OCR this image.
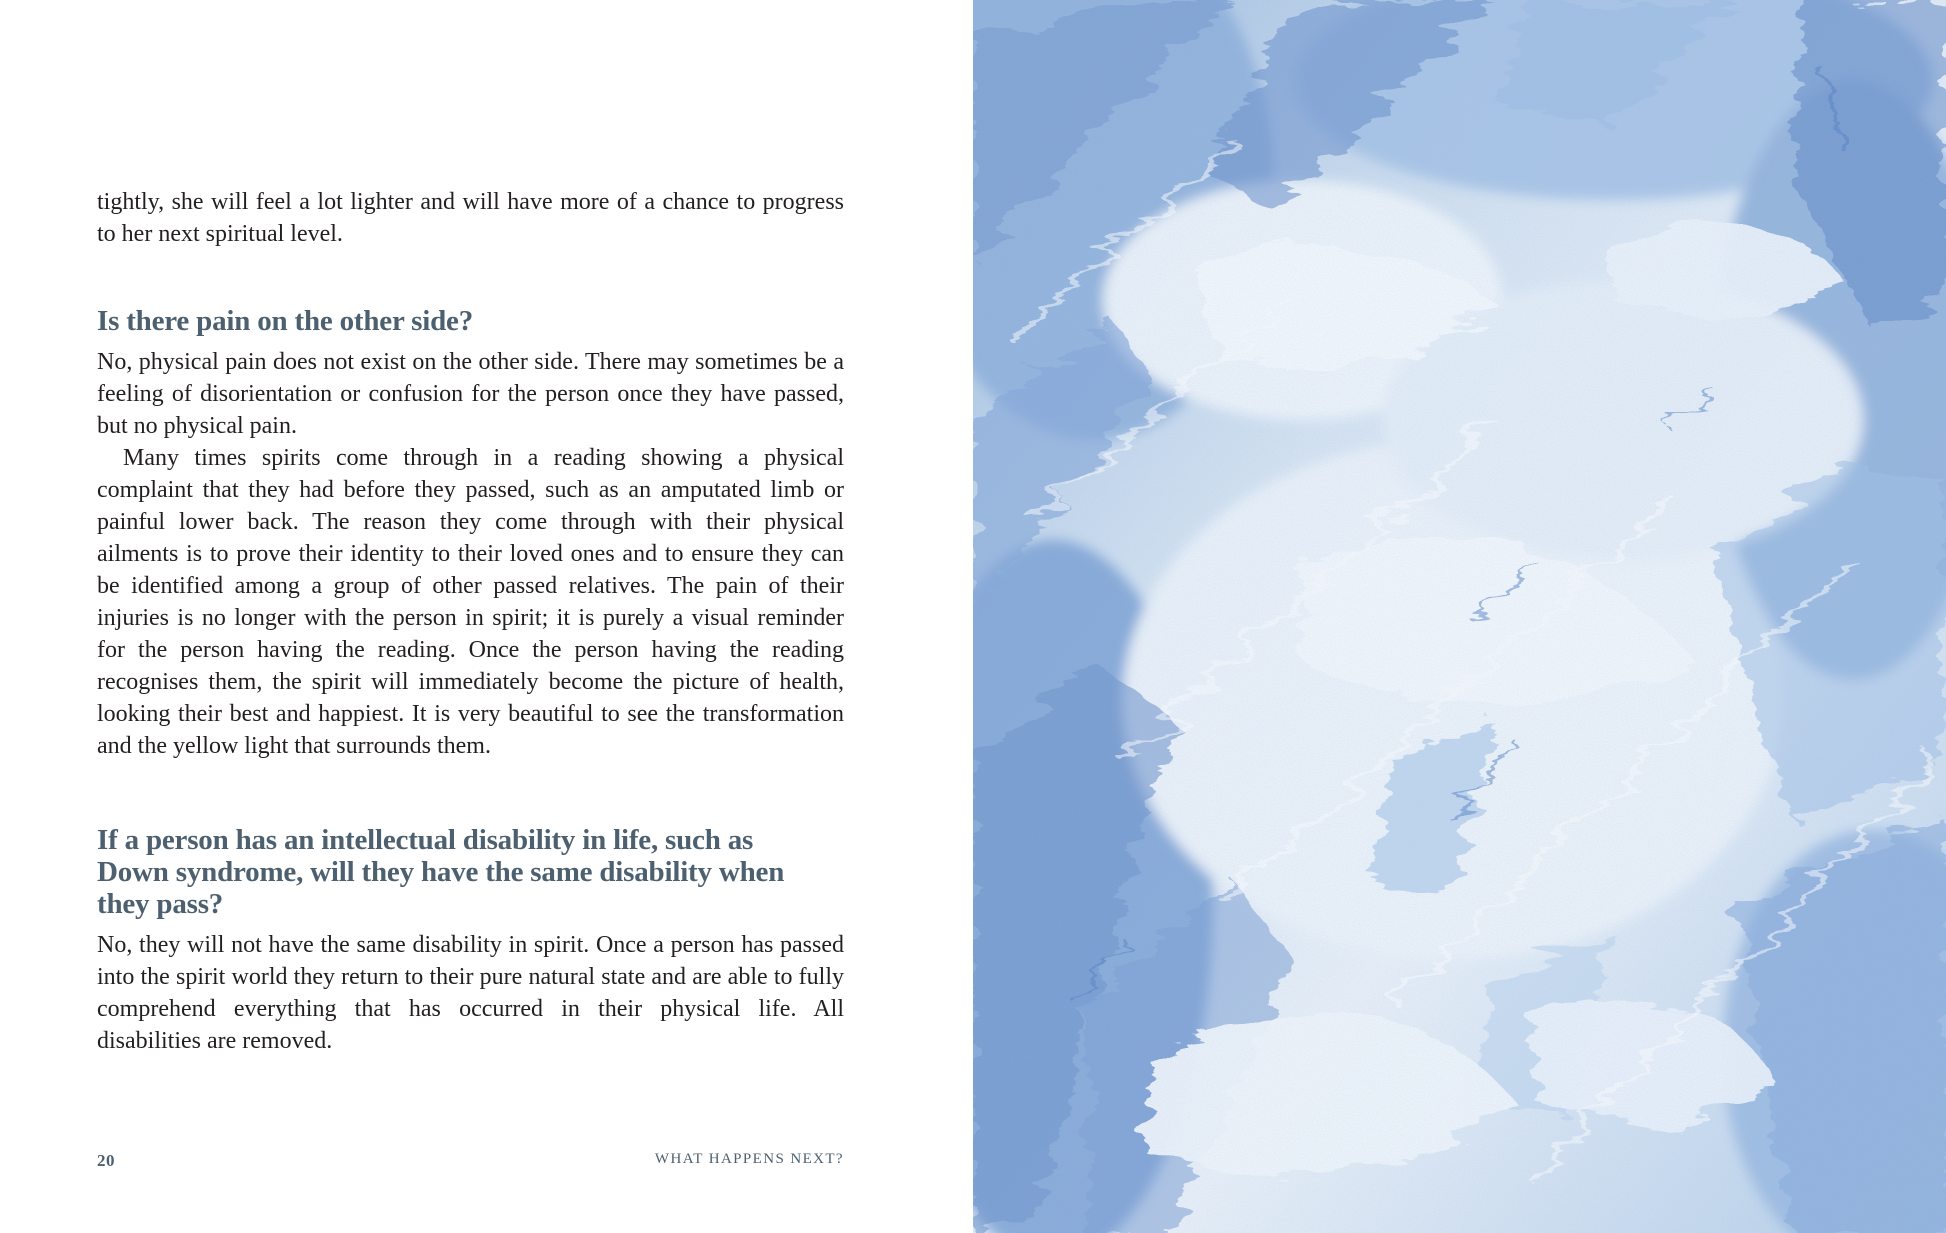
tightly, she will feel a lot lighter and will have more of a chance to progress to her next spiritual level.

Is there pain on the other side?

No, physical pain does not exist on the other side. There may sometimes be a feeling of disorientation or confusion for the person once they have passed, but no physical pain.

Many times spirits come through in a reading showing a physical complaint that they had before they passed, such as an amputated limb or painful lower back. The reason they come through with their physical ailments is to prove their identity to their loved ones and to ensure they can be identified among a group of other passed relatives. The pain of their injuries is no longer with the person in spirit; it is purely a visual reminder for the person having the reading. Once the person having the reading recognises them, the spirit will immediately become the picture of health, looking their best and happiest. It is very beautiful to see the transformation and the yellow light that surrounds them.

If a person has an intellectual disability in life, such as Down syndrome, will they have the same disability when they pass?

No, they will not have the same disability in spirit. Once a person has passed into the spirit world they return to their pure natural state and are able to fully comprehend everything that has occurred in their physical life. All disabilities are removed.

20	WHAT HAPPENS NEXT?
